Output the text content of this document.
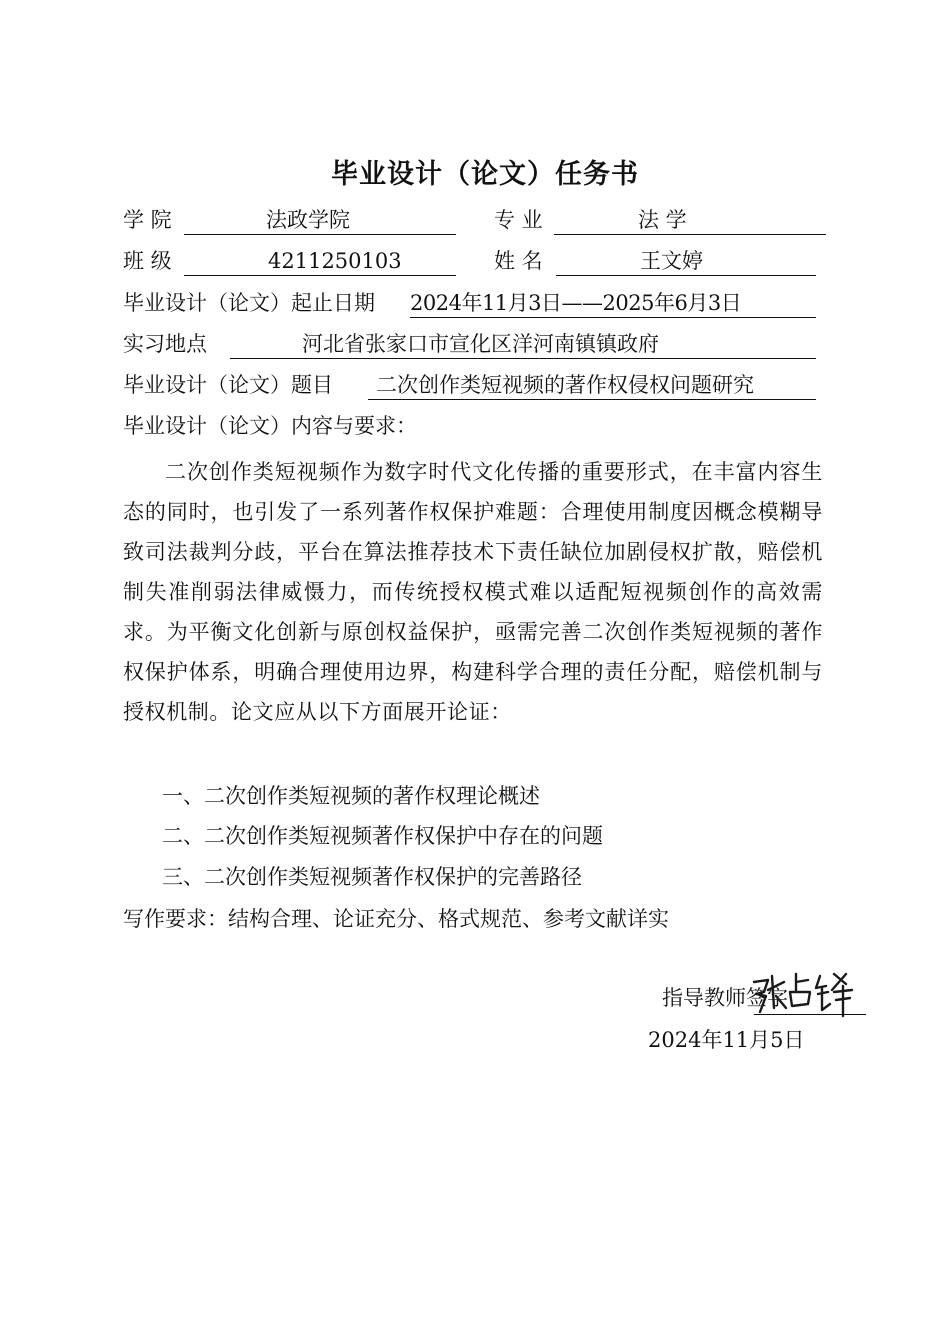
毕业设计（论文）任务书
学 院	法政学院	专 业	法 学
班 级	4211250103	姓 名	王文婷
毕业设计（论文）起止日期 2024年11月3日——2025年6月3日
实习地点	河北省张家口市宣化区洋河南镇镇政府
毕业设计（论文）题目 二次创作类短视频的著作权侵权问题研究
毕业设计（论文）内容与要求：
二次创作类短视频作为数字时代文化传播的重要形式，在丰富内容生态的同时，也引发了一系列著作权保护难题：合理使用制度因概念模糊导致司法裁判分歧，平台在算法推荐技术下责任缺位加剧侵权扩散，赔偿机制失准削弱法律威慑力，而传统授权模式难以适配短视频创作的高效需求。为平衡文化创新与原创权益保护，亟需完善二次创作类短视频的著作权保护体系，明确合理使用边界，构建科学合理的责任分配，赔偿机制与授权机制。论文应从以下方面展开论证：
一、二次创作类短视频的著作权理论概述
二、二次创作类短视频著作权保护中存在的问题
三、二次创作类短视频著作权保护的完善路径
写作要求：结构合理、论证充分、格式规范、参考文献详实
指导教师签字
2024年11月5日
